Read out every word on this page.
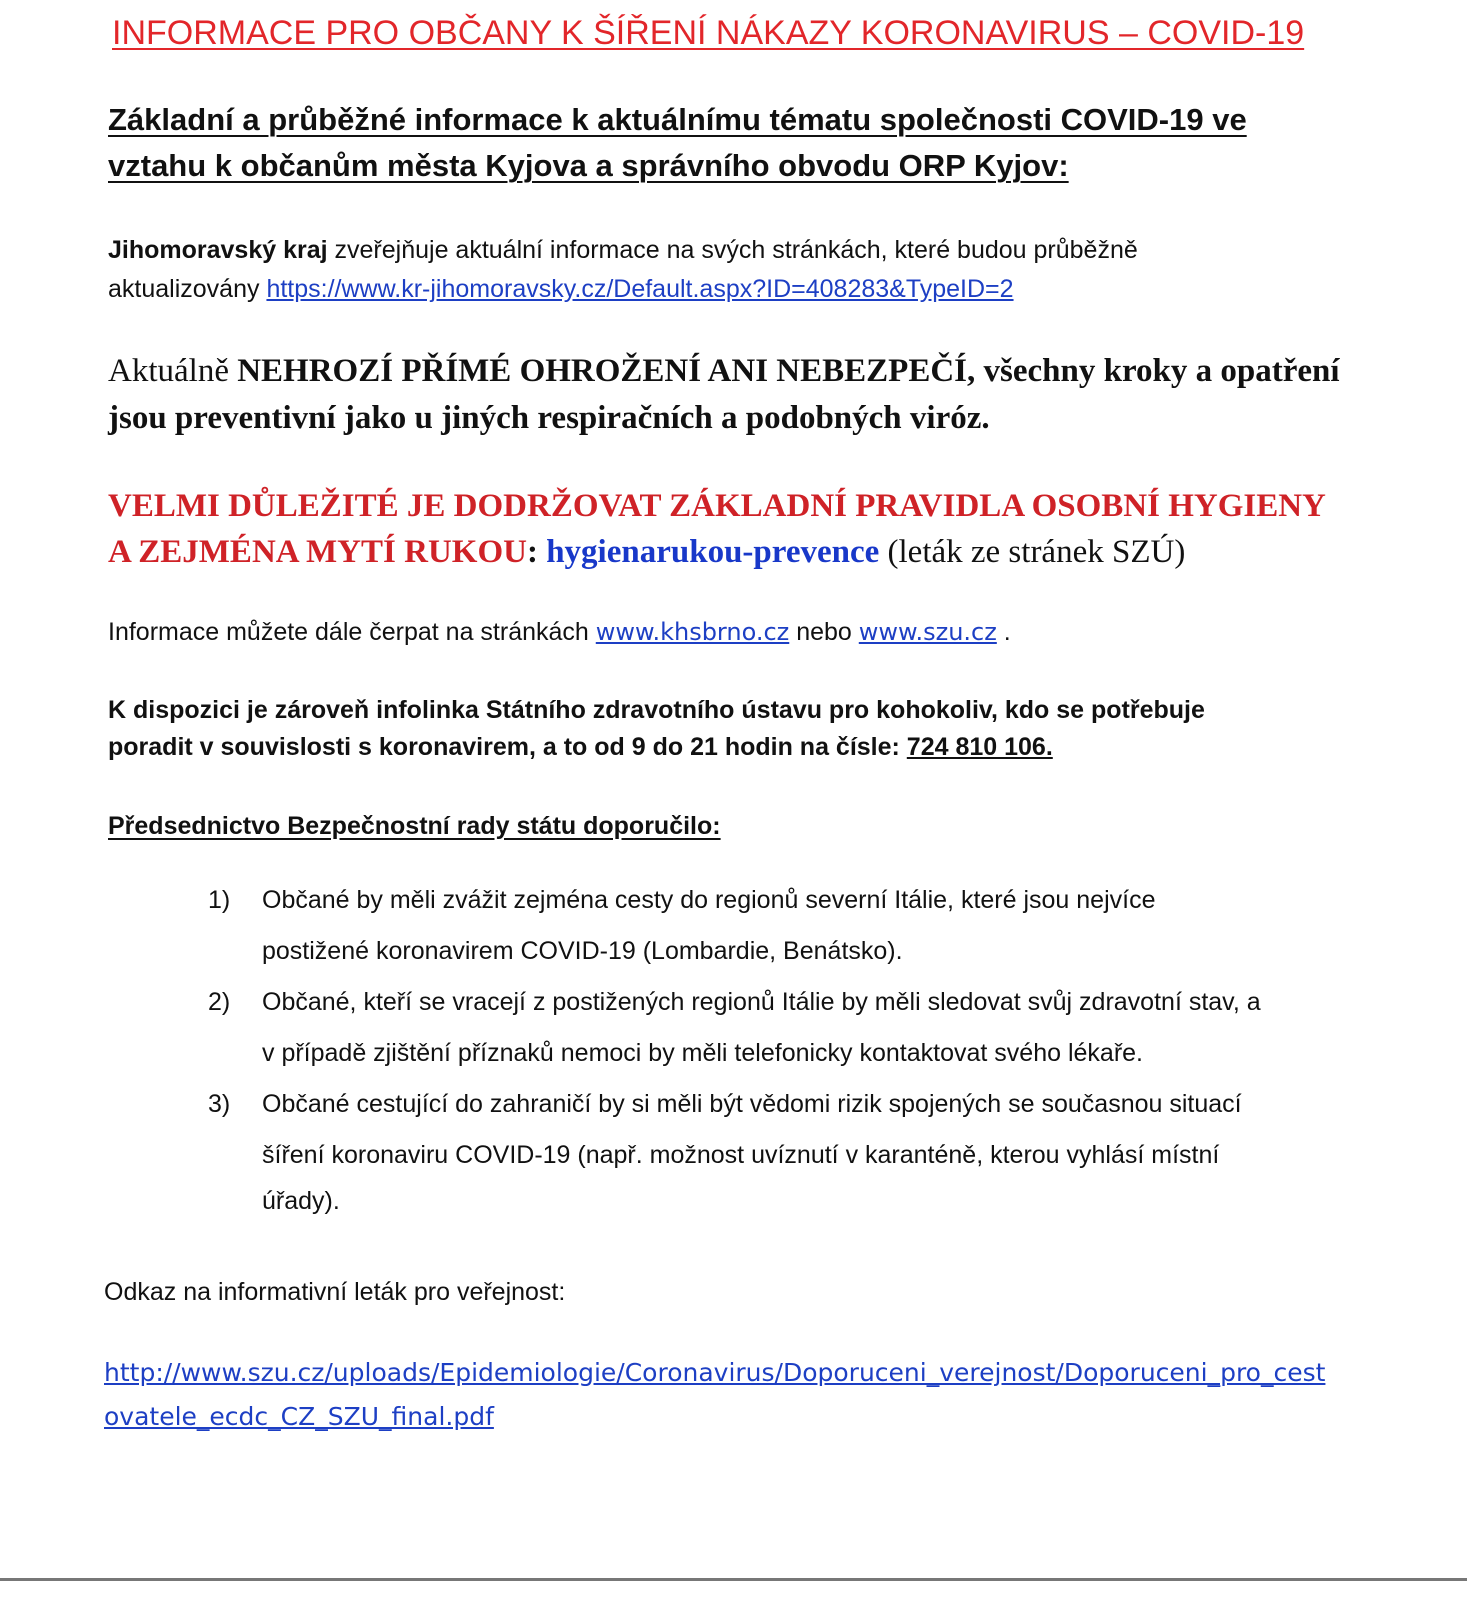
INFORMACE PRO OBČANY K ŠÍŘENÍ NÁKAZY KORONAVIRUS – COVID-19
Základní a průběžné informace k aktuálnímu tématu společnosti COVID-19 ve
vztahu k občanům města Kyjova a správního obvodu ORP Kyjov:
Jihomoravský kraj zveřejňuje aktuální informace na svých stránkách, které budou průběžně
aktualizovány https://www.kr-jihomoravsky.cz/Default.aspx?ID=408283&TypeID=2
Aktuálně NEHROZÍ PŘÍMÉ OHROŽENÍ ANI NEBEZPEČÍ, všechny kroky a opatření
jsou preventivní jako u jiných respiračních a podobných viróz.
VELMI DŮLEŽITÉ JE DODRŽOVAT ZÁKLADNÍ PRAVIDLA OSOBNÍ HYGIENY
A ZEJMÉNA MYTÍ RUKOU: hygienarukou-prevence (leták ze stránek SZÚ)
Informace můžete dále čerpat na stránkách www.khsbrno.cz nebo www.szu.cz .
K dispozici je zároveň infolinka Státního zdravotního ústavu pro kohokoliv, kdo se potřebuje
poradit v souvislosti s koronavirem, a to od 9 do 21 hodin na čísle: 724 810 106.
Předsednictvo Bezpečnostní rady státu doporučilo:
1) Občané by měli zvážit zejména cesty do regionů severní Itálie, které jsou nejvíce
postižené koronavirem COVID-19 (Lombardie, Benátsko).
2) Občané, kteří se vracejí z postižených regionů Itálie by měli sledovat svůj zdravotní stav, a
v případě zjištění příznaků nemoci by měli telefonicky kontaktovat svého lékaře.
3) Občané cestující do zahraničí by si měli být vědomi rizik spojených se současnou situací
šíření koronaviru COVID-19 (např. možnost uvíznutí v karanténě, kterou vyhlásí místní
úřady).
Odkaz na informativní leták pro veřejnost:
http://www.szu.cz/uploads/Epidemiologie/Coronavirus/Doporuceni_verejnost/Doporuceni_pro_cest
ovatele_ecdc_CZ_SZU_final.pdf
